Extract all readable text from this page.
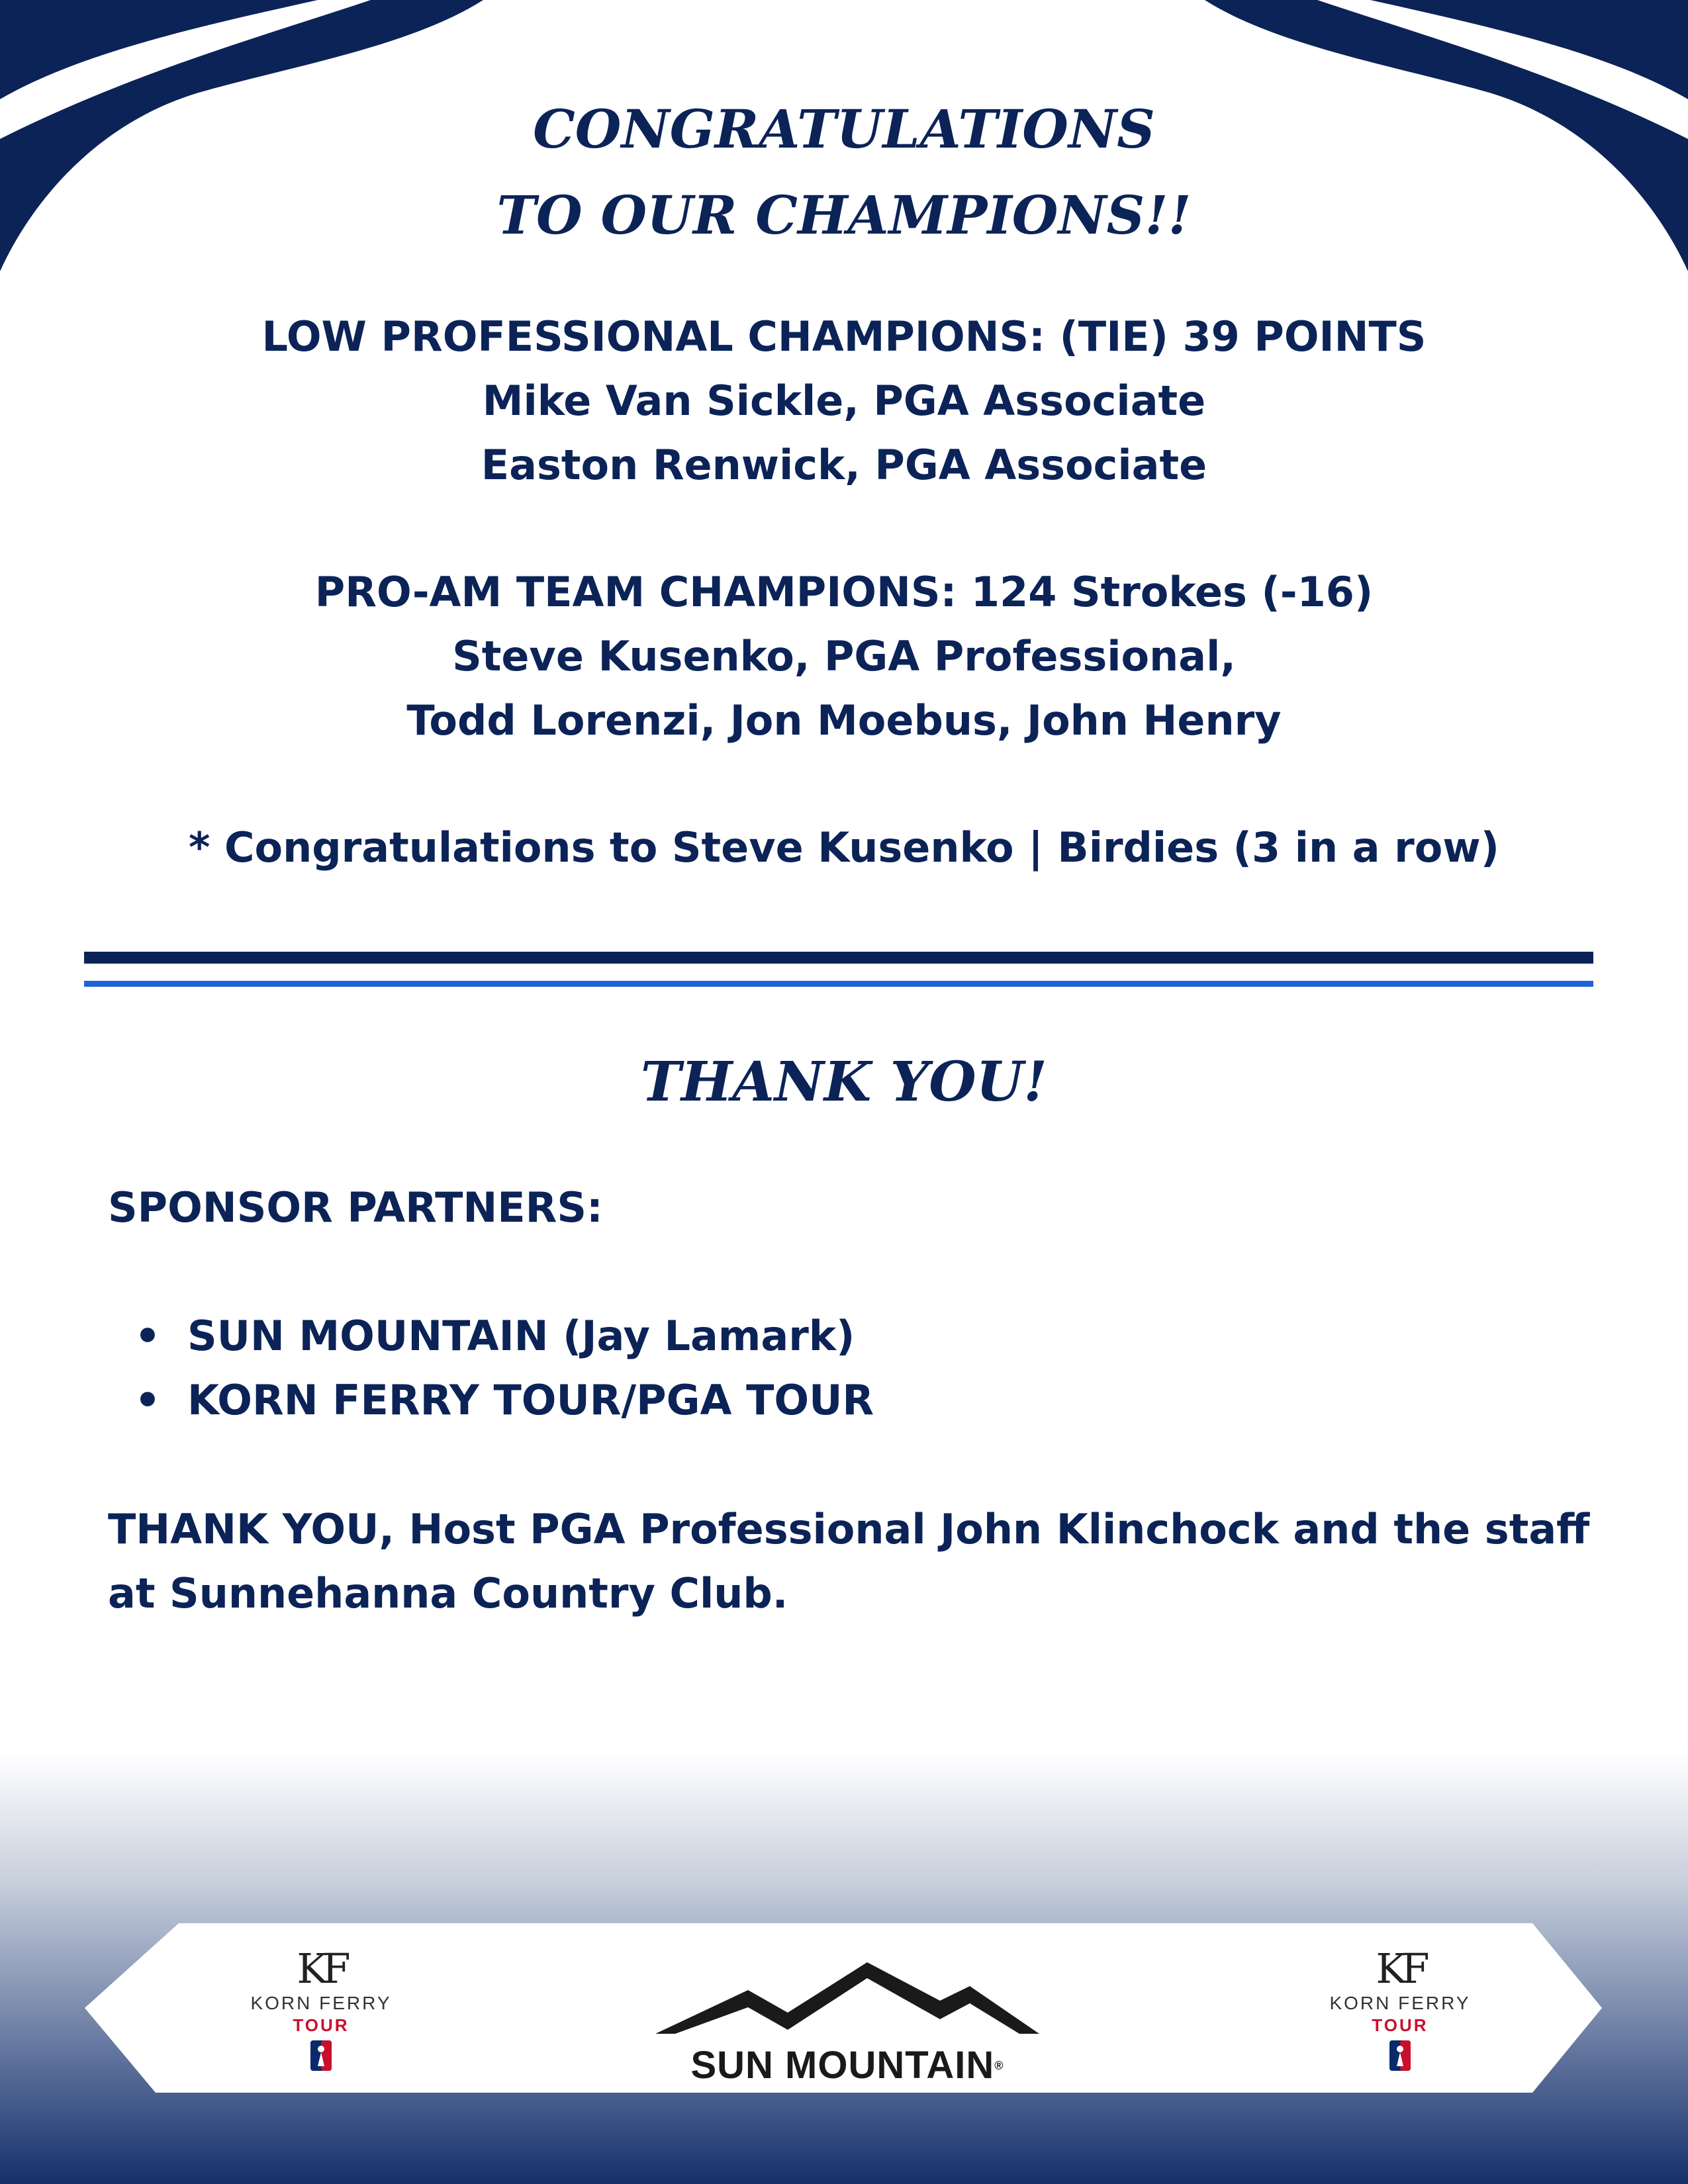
CONGRATULATIONS
TO OUR CHAMPIONS!!
LOW PROFESSIONAL CHAMPIONS: (TIE) 39 POINTS
Mike Van Sickle, PGA Associate
Easton Renwick, PGA Associate
PRO-AM TEAM CHAMPIONS: 124 Strokes (-16)
Steve Kusenko, PGA Professional,
Todd Lorenzi, Jon Moebus, John Henry
* Congratulations to Steve Kusenko | Birdies (3 in a row)
THANK YOU!
SPONSOR PARTNERS:
• SUN MOUNTAIN (Jay Lamark)
• KORN FERRY TOUR/PGA TOUR
THANK YOU, Host PGA Professional John Klinchock and the staff at Sunnehanna Country Club.
KF
KORN FERRY
TOUR
SUN MOUNTAIN®
KF
KORN FERRY
TOUR
